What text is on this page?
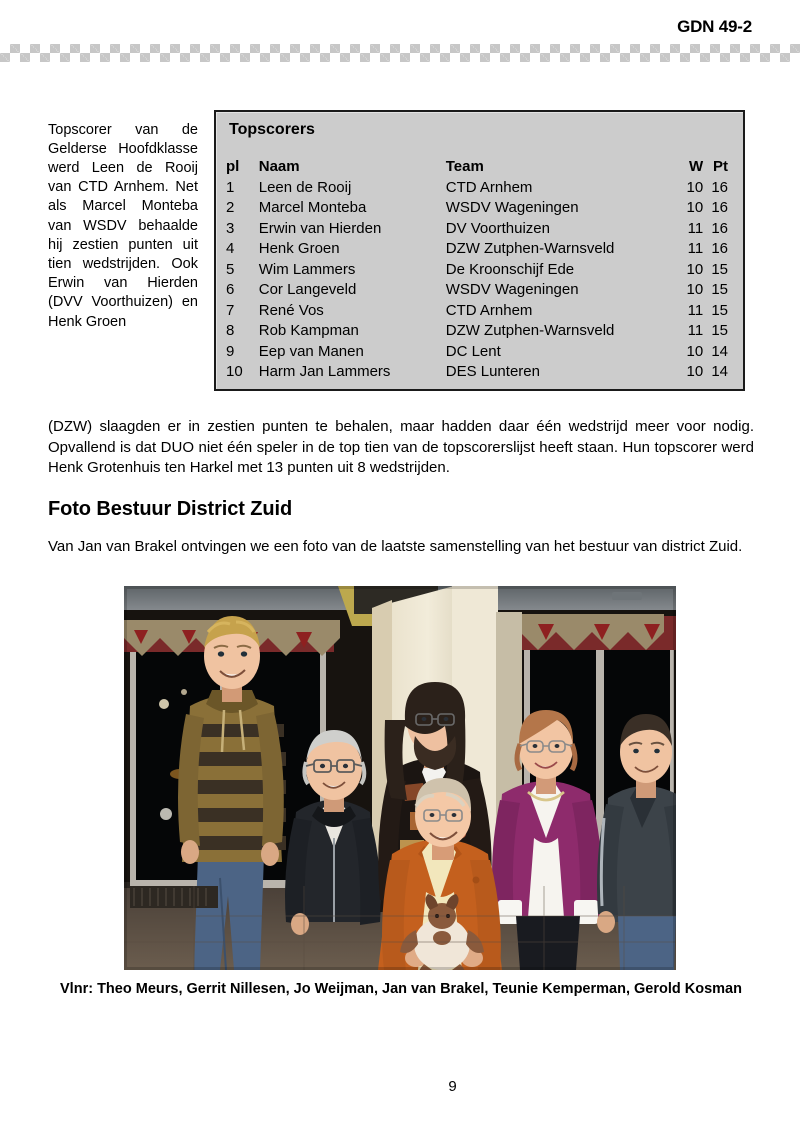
GDN 49-2

Topscorer van de Gelderse Hoofdklasse werd Leen de Rooij van CTD Arnhem. Net als Marcel Monteba van WSDV behaalde hij zestien punten uit tien wedstrijden. Ook Erwin van Hierden (DVV Voorthuizen) en Henk Groen

Topscorers
pl	Naam	Team	W	Pt
1	Leen de Rooij	CTD Arnhem	10	16
2	Marcel Monteba	WSDV Wageningen	10	16
3	Erwin van Hierden	DV Voorthuizen	11	16
4	Henk Groen	DZW Zutphen-Warnsveld	11	16
5	Wim Lammers	De Kroonschijf Ede	10	15
6	Cor Langeveld	WSDV Wageningen	10	15
7	René Vos	CTD Arnhem	11	15
8	Rob Kampman	DZW Zutphen-Warnsveld	11	15
9	Eep van Manen	DC Lent	10	14
10	Harm Jan Lammers	DES Lunteren	10	14

(DZW) slaagden er in zestien punten te behalen, maar hadden daar één wedstrijd meer voor nodig. Opvallend is dat DUO niet één speler in de top tien van de topscorerslijst heeft staan. Hun topscorer werd Henk Grotenhuis ten Harkel met 13 punten uit 8 wedstrijden.

Foto Bestuur District Zuid

Van Jan van Brakel ontvingen we een foto van de laatste samenstelling van het bestuur van district Zuid.

Vlnr: Theo Meurs, Gerrit Nillesen, Jo Weijman, Jan van Brakel, Teunie Kemperman, Gerold Kosman
9
